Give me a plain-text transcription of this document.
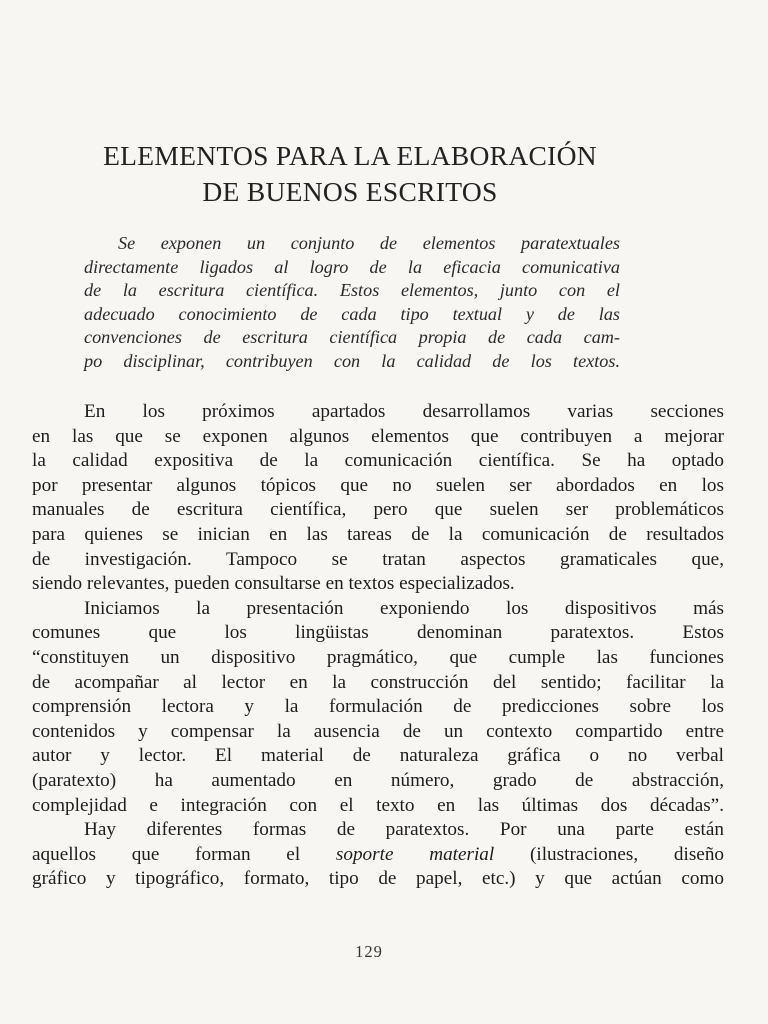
ELEMENTOS PARA LA ELABORACIÓN
DE BUENOS ESCRITOS
Se exponen un conjunto de elementos paratextuales
directamente ligados al logro de la eficacia comunicativa
de la escritura científica. Estos elementos, junto con el
adecuado conocimiento de cada tipo textual y de las
convenciones de escritura científica propia de cada cam-
po disciplinar, contribuyen con la calidad de los textos.
En los próximos apartados desarrollamos varias secciones
en las que se exponen algunos elementos que contribuyen a mejorar
la calidad expositiva de la comunicación científica. Se ha optado
por presentar algunos tópicos que no suelen ser abordados en los
manuales de escritura científica, pero que suelen ser problemáticos
para quienes se inician en las tareas de la comunicación de resultados
de investigación. Tampoco se tratan aspectos gramaticales que,
siendo relevantes, pueden consultarse en textos especializados.
Iniciamos la presentación exponiendo los dispositivos más
comunes que los lingüistas denominan paratextos. Estos
“constituyen un dispositivo pragmático, que cumple las funciones
de acompañar al lector en la construcción del sentido; facilitar la
comprensión lectora y la formulación de predicciones sobre los
contenidos y compensar la ausencia de un contexto compartido entre
autor y lector. El material de naturaleza gráfica o no verbal
(paratexto) ha aumentado en número, grado de abstracción,
complejidad e integración con el texto en las últimas dos décadas”.
Hay diferentes formas de paratextos. Por una parte están
aquellos que forman el soporte material (ilustraciones, diseño
gráfico y tipográfico, formato, tipo de papel, etc.) y que actúan como
129
